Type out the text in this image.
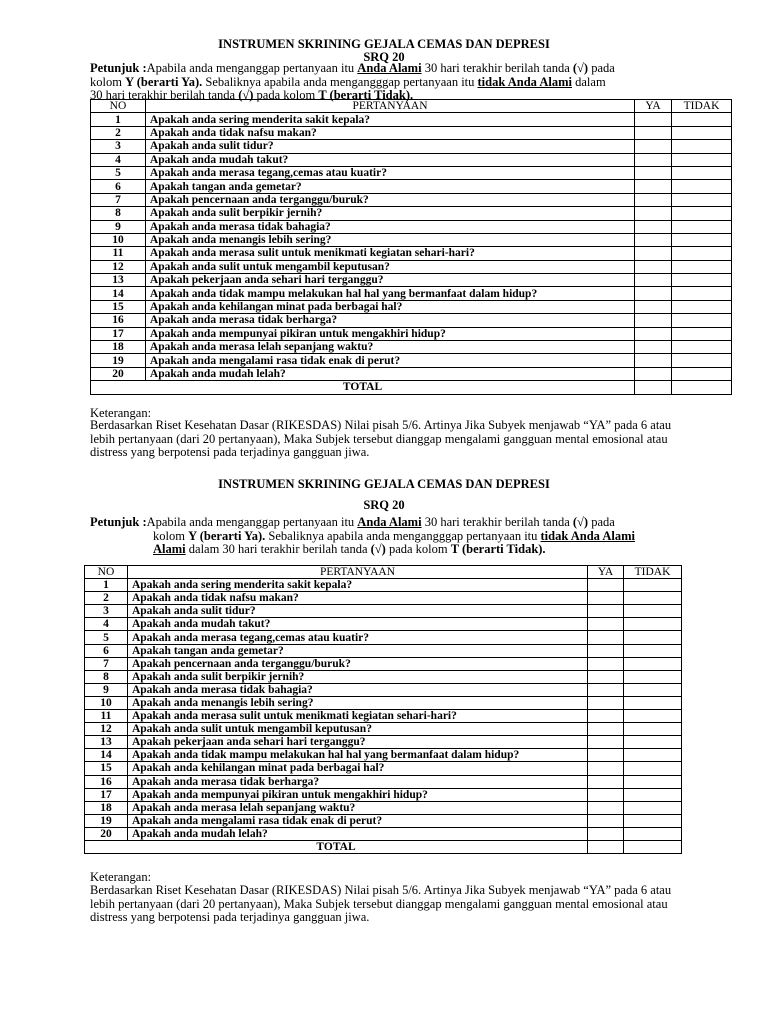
INSTRUMEN SKRINING GEJALA CEMAS DAN DEPRESI
SRQ 20
Petunjuk :Apabila anda menganggap pertanyaan itu Anda Alami 30 hari terakhir berilah tanda (√) pada
kolom Y (berarti Ya). Sebaliknya apabila anda mengangggap pertanyaan itu tidak Anda Alami dalam
30 hari terakhir berilah tanda (√) pada kolom T (berarti Tidak).
NO	PERTANYAAN	YA	TIDAK
1	Apakah anda sering menderita sakit kepala?		
2	Apakah anda tidak nafsu makan?		
3	Apakah anda sulit tidur?		
4	Apakah anda mudah takut?		
5	Apakah anda merasa tegang,cemas atau kuatir?		
6	Apakah tangan anda gemetar?		
7	Apakah pencernaan anda terganggu/buruk?		
8	Apakah anda sulit berpikir jernih?		
9	Apakah anda merasa tidak bahagia?		
10	Apakah anda menangis lebih sering?		
11	Apakah anda merasa sulit untuk menikmati kegiatan sehari-hari?		
12	Apakah anda sulit untuk mengambil keputusan?		
13	Apakah pekerjaan anda sehari hari terganggu?		
14	Apakah anda tidak mampu melakukan hal hal yang bermanfaat dalam hidup?		
15	Apakah anda kehilangan minat pada berbagai hal?		
16	Apakah anda merasa tidak berharga?		
17	Apakah anda mempunyai pikiran untuk mengakhiri hidup?		
18	Apakah anda merasa lelah sepanjang waktu?		
19	Apakah anda mengalami rasa tidak enak di perut?		
20	Apakah anda mudah lelah?		
TOTAL			
Keterangan:
Berdasarkan Riset Kesehatan Dasar (RIKESDAS) Nilai pisah 5/6. Artinya Jika Subyek menjawab “YA” pada 6 atau lebih pertanyaan (dari 20 pertanyaan), Maka Subjek tersebut dianggap mengalami gangguan mental emosional atau distress yang berpotensi pada terjadinya gangguan jiwa.
INSTRUMEN SKRINING GEJALA CEMAS DAN DEPRESI
SRQ 20
Petunjuk :Apabila anda menganggap pertanyaan itu Anda Alami 30 hari terakhir berilah tanda (√) pada
kolom Y (berarti Ya). Sebaliknya apabila anda mengangggap pertanyaan itu tidak Anda Alami
Alami dalam 30 hari terakhir berilah tanda (√) pada kolom T (berarti Tidak).
NO	PERTANYAAN	YA	TIDAK
1	Apakah anda sering menderita sakit kepala?		
2	Apakah anda tidak nafsu makan?		
3	Apakah anda sulit tidur?		
4	Apakah anda mudah takut?		
5	Apakah anda merasa tegang,cemas atau kuatir?		
6	Apakah tangan anda gemetar?		
7	Apakah pencernaan anda terganggu/buruk?		
8	Apakah anda sulit berpikir jernih?		
9	Apakah anda merasa tidak bahagia?		
10	Apakah anda menangis lebih sering?		
11	Apakah anda merasa sulit untuk menikmati kegiatan sehari-hari?		
12	Apakah anda sulit untuk mengambil keputusan?		
13	Apakah pekerjaan anda sehari hari terganggu?		
14	Apakah anda tidak mampu melakukan hal hal yang bermanfaat dalam hidup?		
15	Apakah anda kehilangan minat pada berbagai hal?		
16	Apakah anda merasa tidak berharga?		
17	Apakah anda mempunyai pikiran untuk mengakhiri hidup?		
18	Apakah anda merasa lelah sepanjang waktu?		
19	Apakah anda mengalami rasa tidak enak di perut?		
20	Apakah anda mudah lelah?		
TOTAL			
Keterangan:
Berdasarkan Riset Kesehatan Dasar (RIKESDAS) Nilai pisah 5/6. Artinya Jika Subyek menjawab “YA” pada 6 atau lebih pertanyaan (dari 20 pertanyaan), Maka Subjek tersebut dianggap mengalami gangguan mental emosional atau distress yang berpotensi pada terjadinya gangguan jiwa.
